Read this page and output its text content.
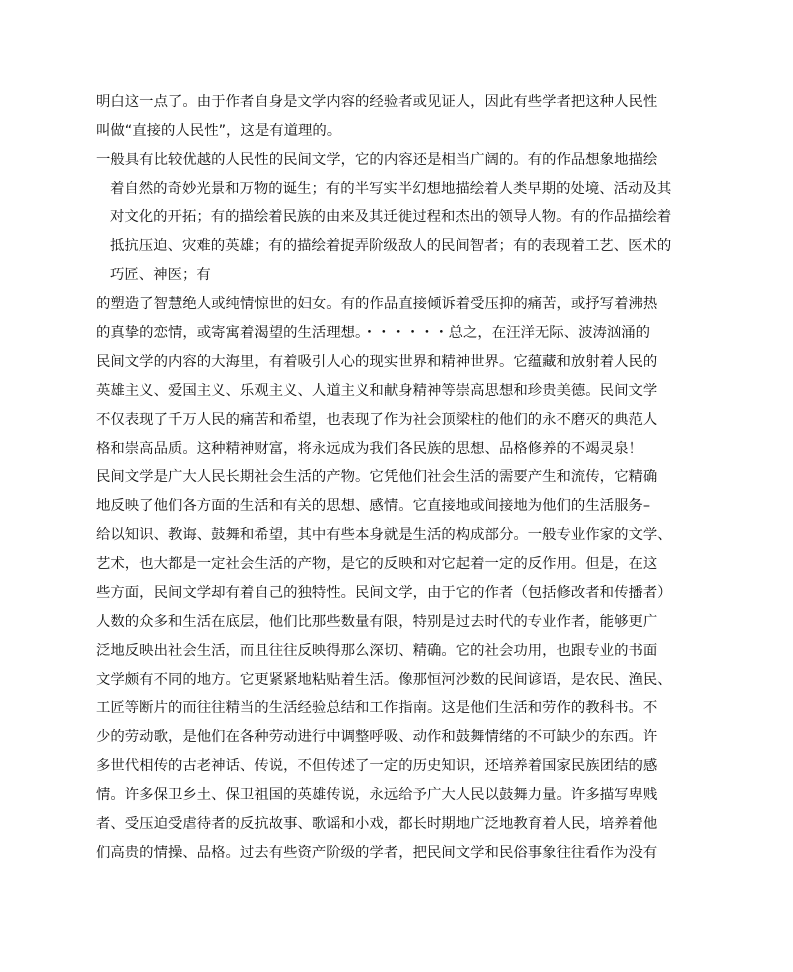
明白这一点了。由于作者自身是文学内容的经验者或见证人，因此有些学者把这种人民性
叫做“直接的人民性”，这是有道理的。
一般具有比较优越的人民性的民间文学，它的内容还是相当广阔的。有的作品想象地描绘
着自然的奇妙光景和万物的诞生；有的半写实半幻想地描绘着人类早期的处境、活动及其
对文化的开拓；有的描绘着民族的由来及其迁徙过程和杰出的领导人物。有的作品描绘着
抵抗压迫、灾难的英雄；有的描绘着捉弄阶级敌人的民间智者；有的表现着工艺、医术的
巧匠、神医；有
的塑造了智慧绝人或纯情惊世的妇女。有的作品直接倾诉着受压抑的痛苦，或抒写着沸热
的真挚的恋情，或寄寓着渴望的生活理想。・・・・・・总之，在汪洋无际、波涛汹涌的
民间文学的内容的大海里，有着吸引人心的现实世界和精神世界。它蕴藏和放射着人民的
英雄主义、爱国主义、乐观主义、人道主义和献身精神等崇高思想和珍贵美德。民间文学
不仅表现了千万人民的痛苦和希望，也表现了作为社会顶梁柱的他们的永不磨灭的典范人
格和崇高品质。这种精神财富，将永远成为我们各民族的思想、品格修养的不竭灵泉！
民间文学是广大人民长期社会生活的产物。它凭他们社会生活的需要产生和流传，它精确
地反映了他们各方面的生活和有关的思想、感情。它直接地或间接地为他们的生活服务–
给以知识、教诲、鼓舞和希望，其中有些本身就是生活的构成部分。一般专业作家的文学、
艺术，也大都是一定社会生活的产物，是它的反映和对它起着一定的反作用。但是，在这
些方面，民间文学却有着自己的独特性。民间文学，由于它的作者（包括修改者和传播者）
人数的众多和生活在底层，他们比那些数量有限，特别是过去时代的专业作者，能够更广
泛地反映出社会生活，而且往往反映得那么深切、精确。它的社会功用，也跟专业的书面
文学颇有不同的地方。它更紧紧地粘贴着生活。像那恒河沙数的民间谚语，是农民、渔民、
工匠等断片的而往往精当的生活经验总结和工作指南。这是他们生活和劳作的教科书。不
少的劳动歌，是他们在各种劳动进行中调整呼吸、动作和鼓舞情绪的不可缺少的东西。许
多世代相传的古老神话、传说，不但传述了一定的历史知识，还培养着国家民族团结的感
情。许多保卫乡土、保卫祖国的英雄传说，永远给予广大人民以鼓舞力量。许多描写卑贱
者、受压迫受虐待者的反抗故事、歌谣和小戏，都长时期地广泛地教育着人民，培养着他
们高贵的情操、品格。过去有些资产阶级的学者，把民间文学和民俗事象往往看作为没有
